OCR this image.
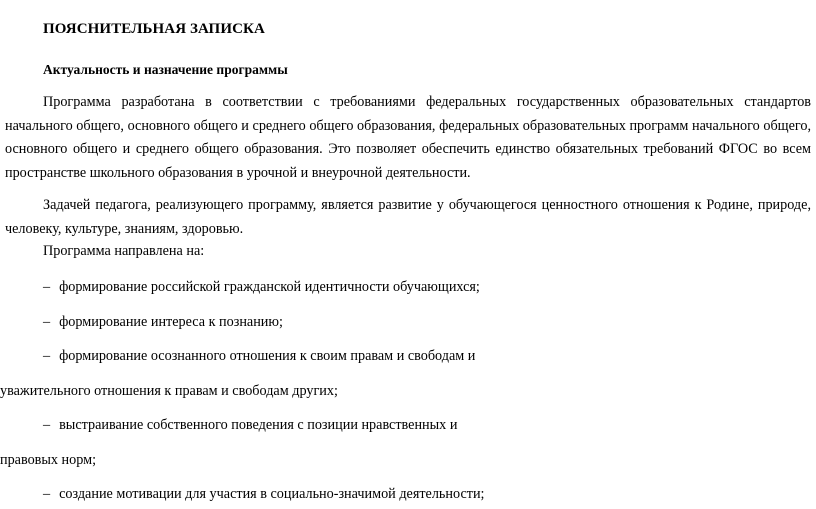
ПОЯСНИТЕЛЬНАЯ ЗАПИСКА
Актуальность и назначение программы

Программа разработана в соответствии с требованиями федеральных государственных образовательных стандартов начального общего, основного общего и среднего общего образования, федеральных образовательных программ начального общего, основного общего и среднего общего образования. Это позволяет обеспечить единство обязательных требований ФГОС во всем пространстве школьного образования в урочной и внеурочной деятельности.

Задачей педагога, реализующего программу, является развитие у обучающегося ценностного отношения к Родине, природе, человеку, культуре, знаниям, здоровью.

Программа направлена на:

– формирование российской гражданской идентичности обучающихся;

– формирование интереса к познанию;

– формирование осознанного отношения к своим правам и свободам и

уважительного отношения к правам и свободам других;

– выстраивание собственного поведения с позиции нравственных и

правовых норм;

– создание мотивации для участия в социально-значимой деятельности;
